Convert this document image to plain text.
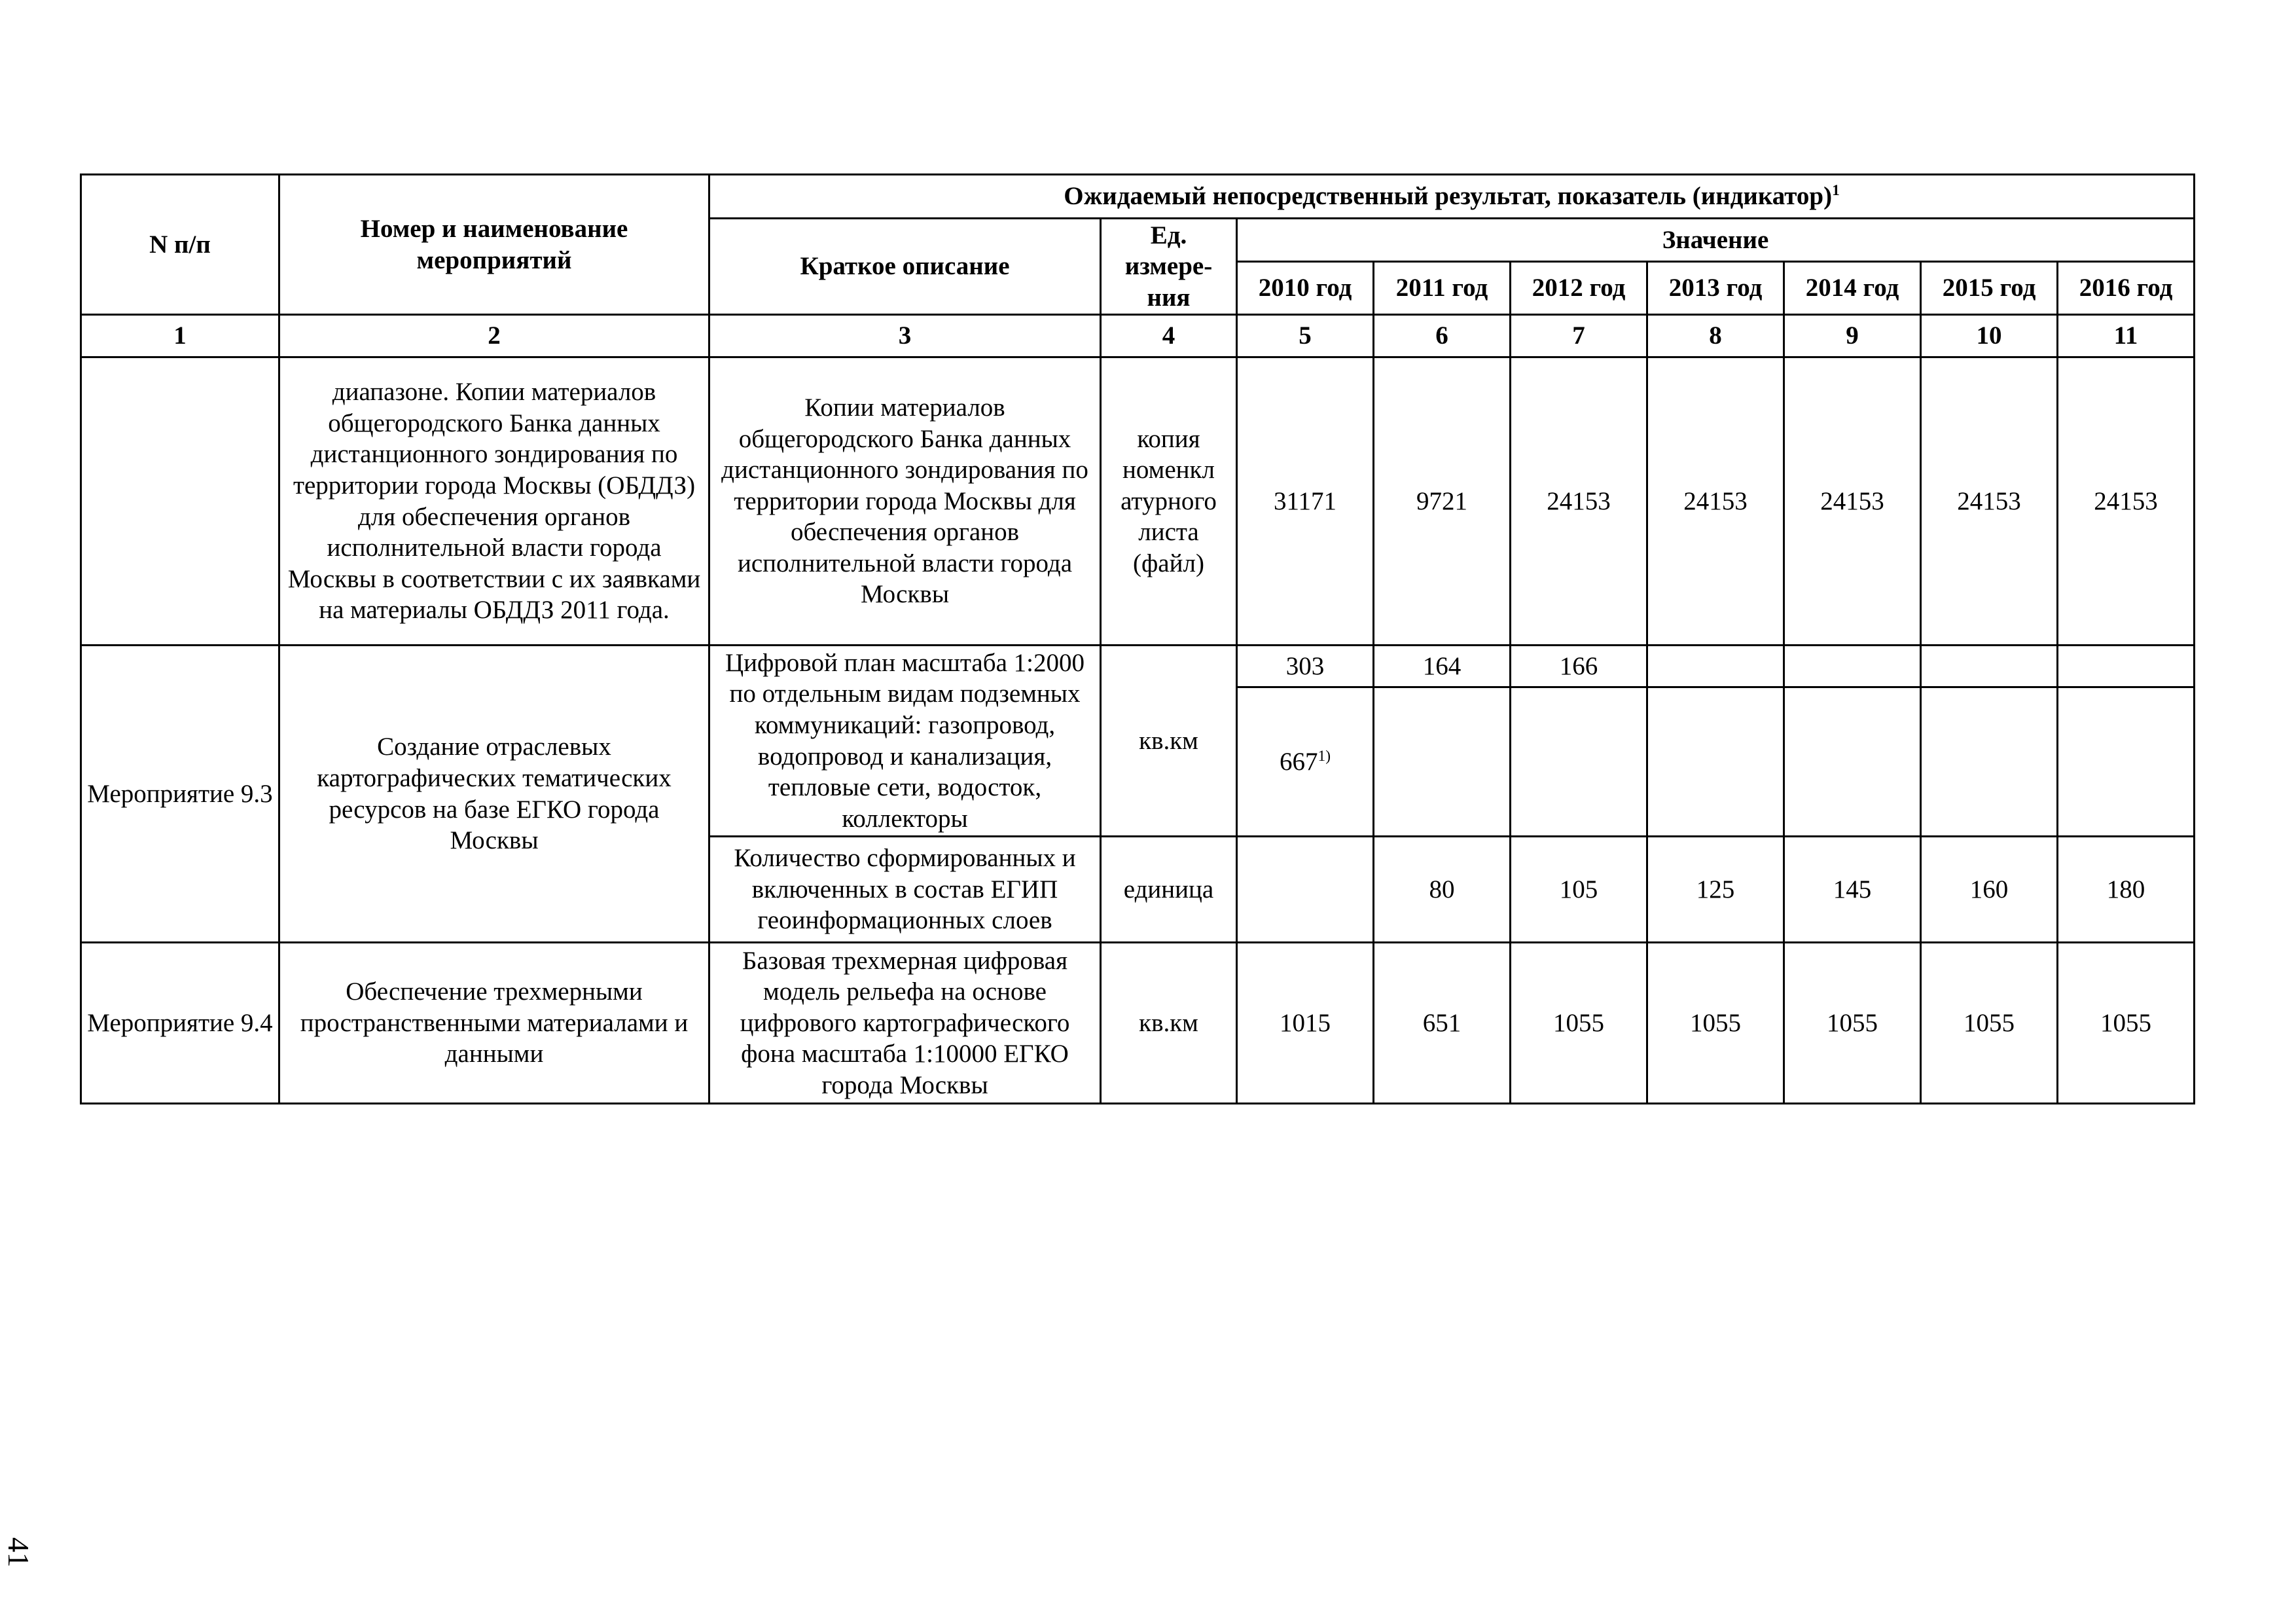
N п/п	Номер и наименование мероприятий	Ожидаемый непосредственный результат, показатель (индикатор)$^1$
		Краткое описание	Ед. измере-ния	Значение						
				2010 год	2011 год	2012 год	2013 год	2014 год	2015 год	2016 год
1	2	3	4	5	6	7	8	9	10	11
	диапазоне. Копии материалов общегородского Банка данных дистанционного зондирования по территории города Москвы (ОБДДЗ) для обеспечения органов исполнительной власти города Москвы в соответствии с их заявками на материалы ОБДДЗ 2011 года.	Копии материалов общегородского Банка данных дистанционного зондирования по территории города Москвы для обеспечения органов исполнительной власти города Москвы	копия номенкл атурного листа (файл)	31171	9721	24153	24153	24153	24153	24153
Мероприятие 9.3	Создание отраслевых картографических тематических ресурсов на базе ЕГКО города Москвы	Цифровой план масштаба 1:2000 по отдельным видам подземных коммуникаций: газопровод, водопровод и канализация, тепловые сети, водосток, коллекторы	кв.км	303	164	166				
				667$^{1)}$						
		Количество сформированных и включенных в состав ЕГИП геоинформационных слоев	единица		80	105	125	145	160	180
Мероприятие 9.4	Обеспечение трехмерными пространственными материалами и данными	Базовая трехмерная цифровая модель рельефа на основе цифрового картографического фона масштаба 1:10000 ЕГКО города Москвы	кв.км	1015	651	1055	1055	1055	1055	1055
41
